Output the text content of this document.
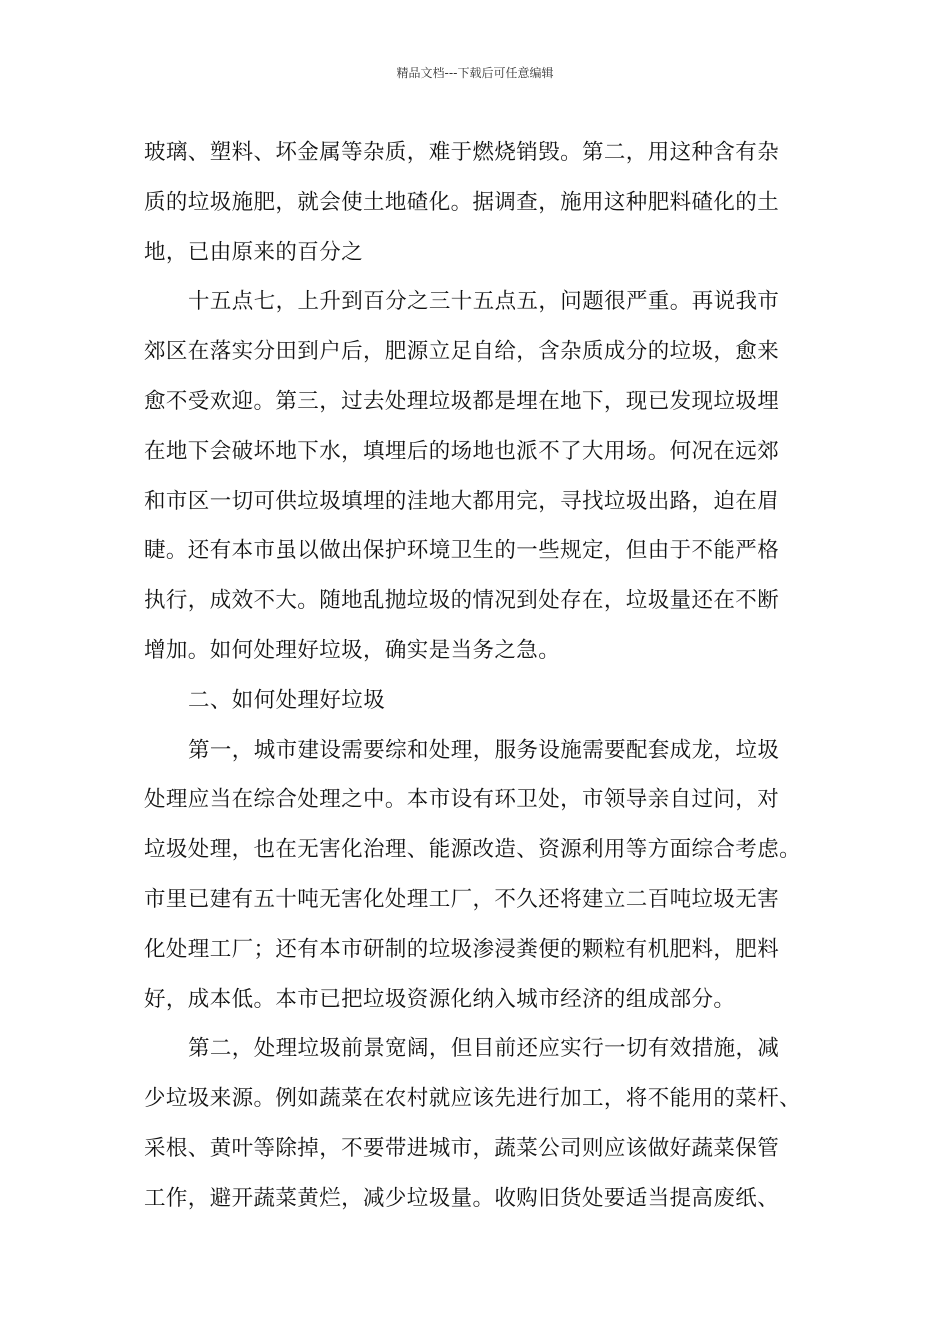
精品文档---下载后可任意编辑

玻璃、塑料、坏金属等杂质，难于燃烧销毁。第二，用这种含有杂
质的垃圾施肥，就会使土地碴化。据调查，施用这种肥料碴化的土
地，已由原来的百分之

十五点七，上升到百分之三十五点五，问题很严重。再说我市
郊区在落实分田到户后，肥源立足自给，含杂质成分的垃圾，愈来
愈不受欢迎。第三，过去处理垃圾都是埋在地下，现已发现垃圾埋
在地下会破坏地下水，填埋后的场地也派不了大用场。何况在远郊
和市区一切可供垃圾填埋的洼地大都用完，寻找垃圾出路，迫在眉
睫。还有本市虽以做出保护环境卫生的一些规定，但由于不能严格
执行，成效不大。随地乱抛垃圾的情况到处存在，垃圾量还在不断
增加。如何处理好垃圾，确实是当务之急。

二、如何处理好垃圾

第一，城市建设需要综和处理，服务设施需要配套成龙，垃圾
处理应当在综合处理之中。本市设有环卫处，市领导亲自过问，对
垃圾处理，也在无害化治理、能源改造、资源利用等方面综合考虑。
市里已建有五十吨无害化处理工厂，不久还将建立二百吨垃圾无害
化处理工厂；还有本市研制的垃圾渗浸粪便的颗粒有机肥料，肥料
好，成本低。本市已把垃圾资源化纳入城市经济的组成部分。

第二，处理垃圾前景宽阔，但目前还应实行一切有效措施，减
少垃圾来源。例如蔬菜在农村就应该先进行加工，将不能用的菜杆、
采根、黄叶等除掉，不要带进城市，蔬菜公司则应该做好蔬菜保管
工作，避开蔬菜黄烂，减少垃圾量。收购旧货处要适当提高废纸、
